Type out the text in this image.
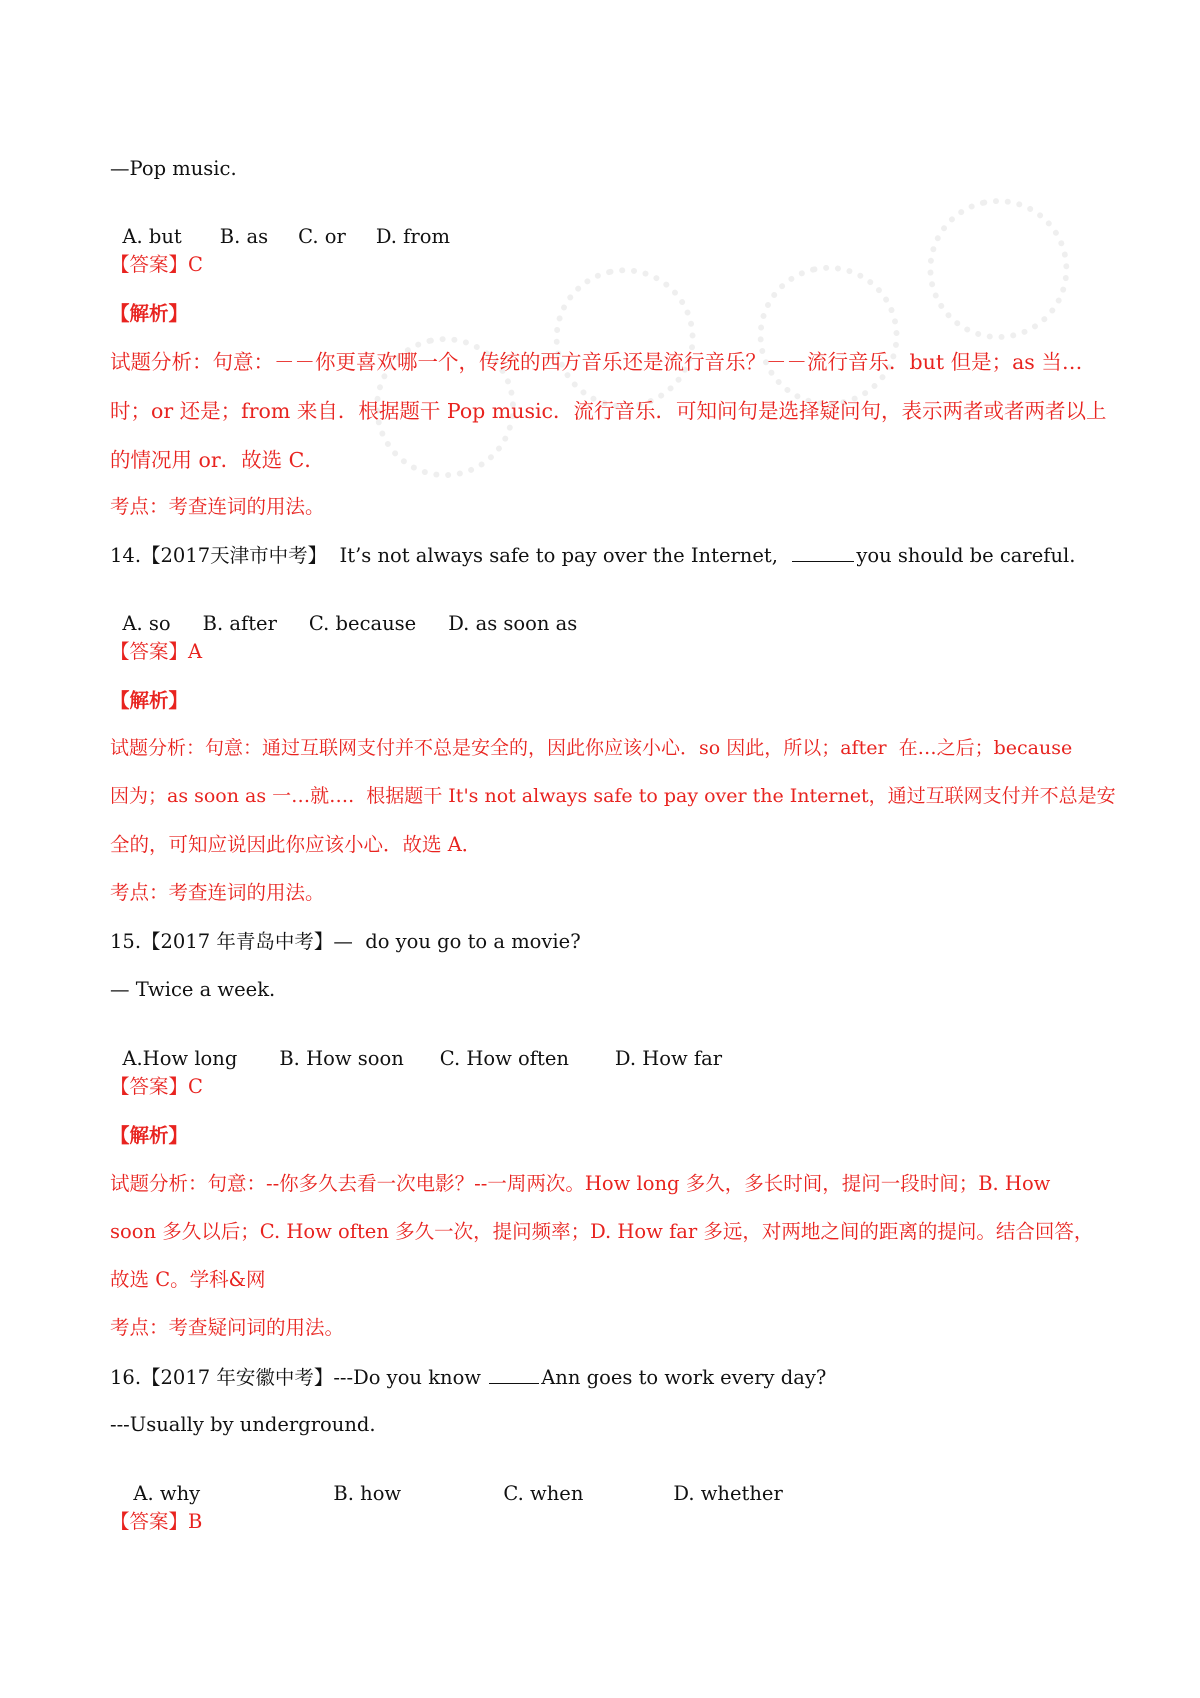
—Pop music.

A. but B. as C. or D. from

【答案】C
【解析】
试题分析：句意：－－你更喜欢哪一个，传统的西方音乐还是流行音乐？－－流行音乐．but 但是；as 当…
时；or 还是；from 来自．根据题干 Pop music．流行音乐．可知问句是选择疑问句，表示两者或者两者以上
的情况用 or．故选 C．
考点：考查连词的用法。
14.【2017天津市中考】  It’s not always safe to pay over the Internet,	you should be careful.

A. so B. after C. because D. as soon as

【答案】A
【解析】
试题分析：句意：通过互联网支付并不总是安全的，因此你应该小心．so 因此，所以；after  在…之后；because
因为；as soon as 一…就….  根据题干 It's not always safe to pay over the Internet，通过互联网支付并不总是安
全的，可知应说因此你应该小心．故选 A．
考点：考查连词的用法。
15.【2017 年青岛中考】—  do you go to a movie?
— Twice a week.

A.How long B. How soon C. How often D. How far

【答案】C
【解析】
试题分析：句意：--你多久去看一次电影？--一周两次。How long 多久，多长时间，提问一段时间；B. How
soon 多久以后；C. How often 多久一次，提问频率；D. How far 多远，对两地之间的距离的提问。结合回答，
故选 C。学科&网
考点：考查疑问词的用法。
16.【2017 年安徽中考】---Do you know	Ann goes to work every day?
---Usually by underground.

A. why	B. how	C. when	D. whether

【答案】B
